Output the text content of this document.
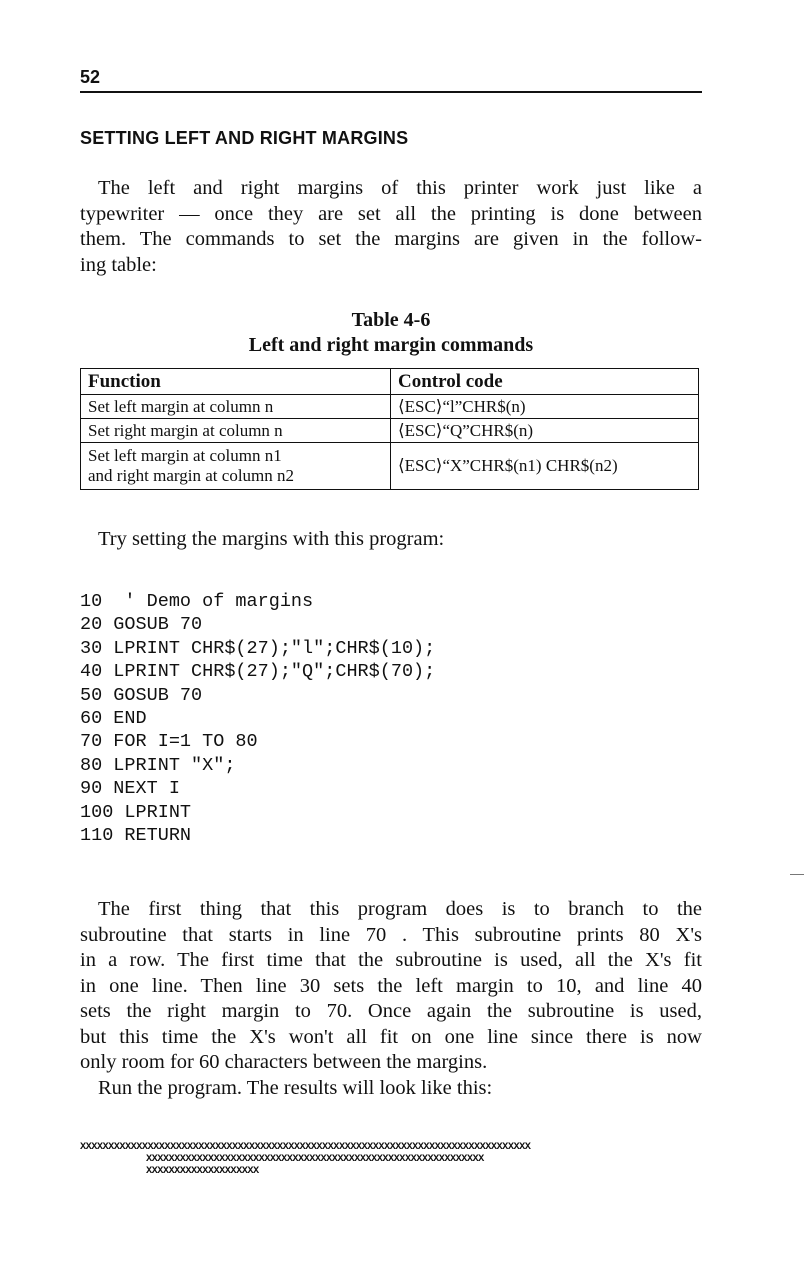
52
SETTING LEFT AND RIGHT MARGINS
The left and right margins of this printer work just like a
typewriter — once they are set all the printing is done between
them. The commands to set the margins are given in the follow-
ing table:
Table 4-6
Left and right margin commands
Function	Control code
Set left margin at column n	⟨ESC⟩“l”CHR$(n)
Set right margin at column n	⟨ESC⟩“Q”CHR$(n)

Set left margin at column n1
and right margin at column n2	⟨ESC⟩“X”CHR$(n1) CHR$(n2)
Try setting the margins with this program:
10  ' Demo of margins
20 GOSUB 70
30 LPRINT CHR$(27);"l";CHR$(10);
40 LPRINT CHR$(27);"Q";CHR$(70);
50 GOSUB 70
60 END
70 FOR I=1 TO 80
80 LPRINT "X";
90 NEXT I
100 LPRINT
110 RETURN
The first thing that this program does is to branch to the
subroutine that starts in line 70 . This subroutine prints 80 X's
in a row. The first time that the subroutine is used, all the X's fit
in one line. Then line 30 sets the left margin to 10, and line 40
sets the right margin to 70. Once again the subroutine is used,
but this time the X's won't all fit on one line since there is now
only room for 60 characters between the margins.
Run the program. The results will look like this:
XXXXXXXXXXXXXXXXXXXXXXXXXXXXXXXXXXXXXXXXXXXXXXXXXXXXXXXXXXXXXXXXXXXXXXXXXXXXXXXX
XXXXXXXXXXXXXXXXXXXXXXXXXXXXXXXXXXXXXXXXXXXXXXXXXXXXXXXXXXXX
XXXXXXXXXXXXXXXXXXXX
